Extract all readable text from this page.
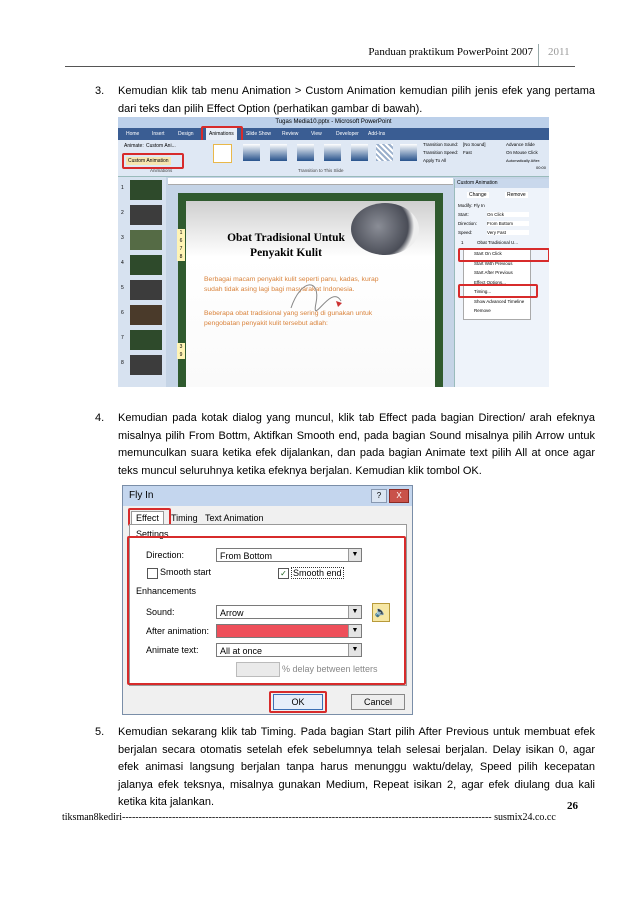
Panduan praktikum PowerPoint 2007 2011
3. Kemudian klik tab menu Animation > Custom Animation kemudian pilih jenis efek yang pertama dari teks dan pilih Effect Option (perhatikan gambar di bawah).
Tugas Media10.pptx - Microsoft PowerPoint
Home	Insert	Design	Animations	Slide Show Review	View	Developer Add-Ins
Animate: Custom Ani...
Custom Animation
Animations	Transition to This Slide
Transition Sound: [No Sound]
Transition Speed: Fast
Apply To All
Advance Slide
On Mouse Click
Automatically After:
00:00
1
2
3
4
5
6
7
8
Obat Tradisional Untuk Penyakit Kulit
Berbagai macam penyakit kulit seperti panu, kadas, kurap sudah tidak asing lagi bagi masyarakat Indonesia.
Beberapa obat tradisional yang sering di gunakan untuk pengobatan penyakit kulit tersebut adlah:
1
6
7
8
3
9
Custom Animation
Change	Remove
Modify: Fly In
Start:	On Click
Direction: From Bottom
Speed:	Very Fast
1	Obat Tradisional U...
Start On Click
Start With Previous
Start After Previous
Effect Options...
Timing...
Show Advanced Timeline
Remove
4. Kemudian pada kotak dialog yang muncul, klik tab Effect pada bagian Direction/ arah efeknya misalnya pilih From Bottm, Aktifkan Smooth end, pada bagian Sound misalnya pilih Arrow untuk memunculkan suara ketika efek dijalankan, dan pada bagian Animate text pilih All at once agar teks muncul seluruhnya ketika efeknya berjalan. Kemudian klik tombol OK.
Fly In	?	X
Effect	Timing Text Animation
Settings
Direction:	From Bottom	▼
Smooth start	✓ Smooth end
Enhancements
Sound:	Arrow	▼ 🔈
After animation:	▼
Animate text:	All at once	▼
% delay between letters
OK	Cancel
5. Kemudian sekarang klik tab Timing. Pada bagian Start pilih After Previous untuk membuat efek berjalan secara otomatis setelah efek sebelumnya telah selesai berjalan. Delay isikan 0, agar efek animasi langsung berjalan tanpa harus menunggu waktu/delay, Speed pilih kecepatan jalanya efek teksnya, misalnya gunakan Medium, Repeat isikan 2, agar efek diulang dua kali ketika kita jalankan.	26
tiksman8kediri--------------------------------------------------------------------------------------------------------------- susmix24.co.cc
